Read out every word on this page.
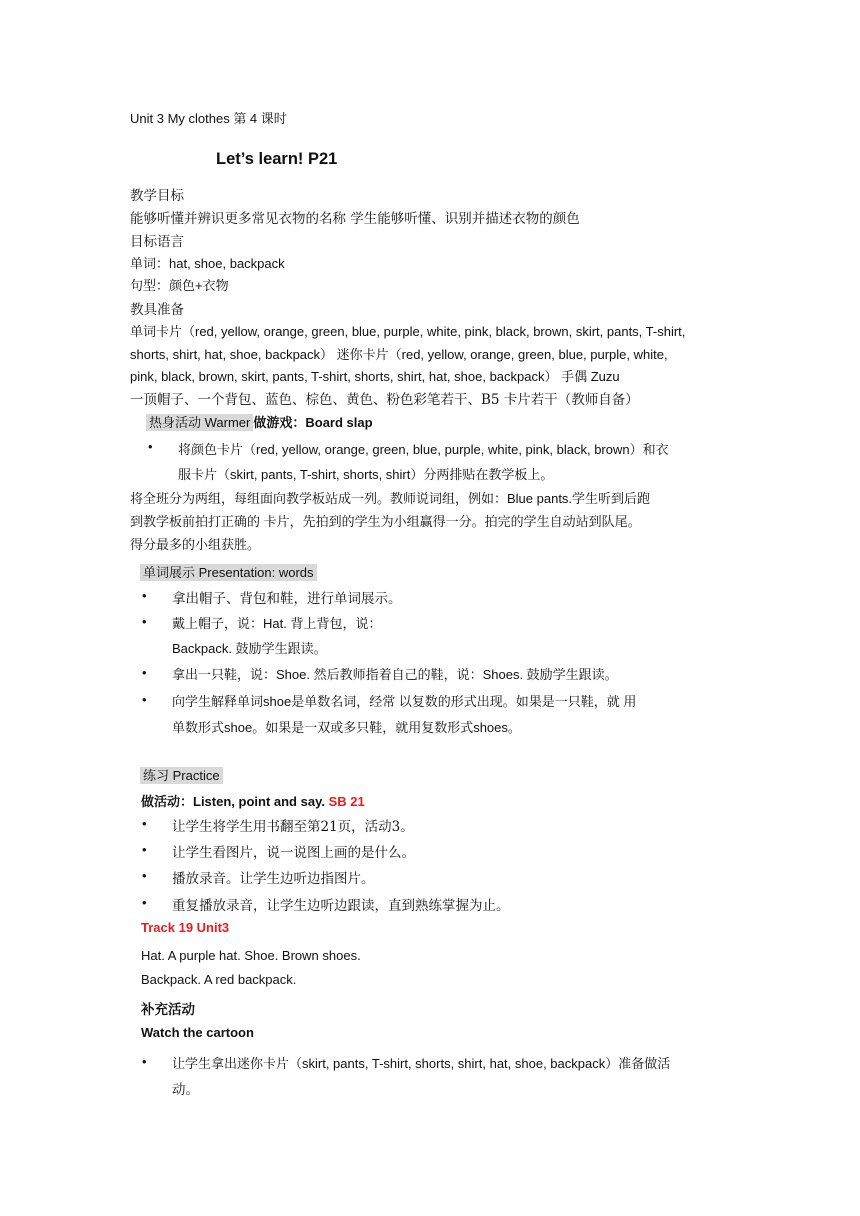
Unit 3 My clothes 第 4 课时
Let’s learn! P21
教学目标
能够听懂并辨识更多常见衣物的名称 学生能够听懂、识别并描述衣物的颜色
目标语言
单词：hat, shoe, backpack
句型：颜色+衣物
教具准备
单词卡片（red, yellow, orange, green, blue, purple, white, pink, black, brown, skirt, pants, T-shirt,
shorts, shirt, hat, shoe, backpack） 迷你卡片（red, yellow, orange, green, blue, purple, white,
pink, black, brown, skirt, pants, T-shirt, shorts, shirt, hat, shoe, backpack） 手偶 Zuzu
一顶帽子、一个背包、蓝色、棕色、黄色、粉色彩笔若干、B5 卡片若干（教师自备）
热身活动 Warmer 做游戏：Board slap
• 将颜色卡片（red, yellow, orange, green, blue, purple, white, pink, black, brown）和衣
服卡片（skirt, pants, T-shirt, shorts, shirt）分两排贴在教学板上。
将全班分为两组，每组面向教学板站成一列。教师说词组，例如：Blue pants.学生听到后跑
到教学板前拍打正确的 卡片，先拍到的学生为小组赢得一分。拍完的学生自动站到队尾。
得分最多的小组获胜。
单词展示 Presentation: words
• 拿出帽子、背包和鞋，进行单词展示。
• 戴上帽子，说：Hat. 背上背包，说：
Backpack. 鼓励学生跟读。
• 拿出一只鞋，说：Shoe. 然后教师指着自己的鞋，说：Shoes. 鼓励学生跟读。
• 向学生解释单词shoe是单数名词，经常 以复数的形式出现。如果是一只鞋，就 用
单数形式shoe。如果是一双或多只鞋，就用复数形式shoes。
练习 Practice
做活动：Listen, point and say. SB 21
• 让学生将学生用书翻至第21页，活动3。
• 让学生看图片，说一说图上画的是什么。
• 播放录音。让学生边听边指图片。
• 重复播放录音，让学生边听边跟读，直到熟练掌握为止。
Track 19 Unit3
Hat. A purple hat. Shoe. Brown shoes.
Backpack. A red backpack.
补充活动
Watch the cartoon
• 让学生拿出迷你卡片（skirt, pants, T-shirt, shorts, shirt, hat, shoe, backpack）准备做活
动。
